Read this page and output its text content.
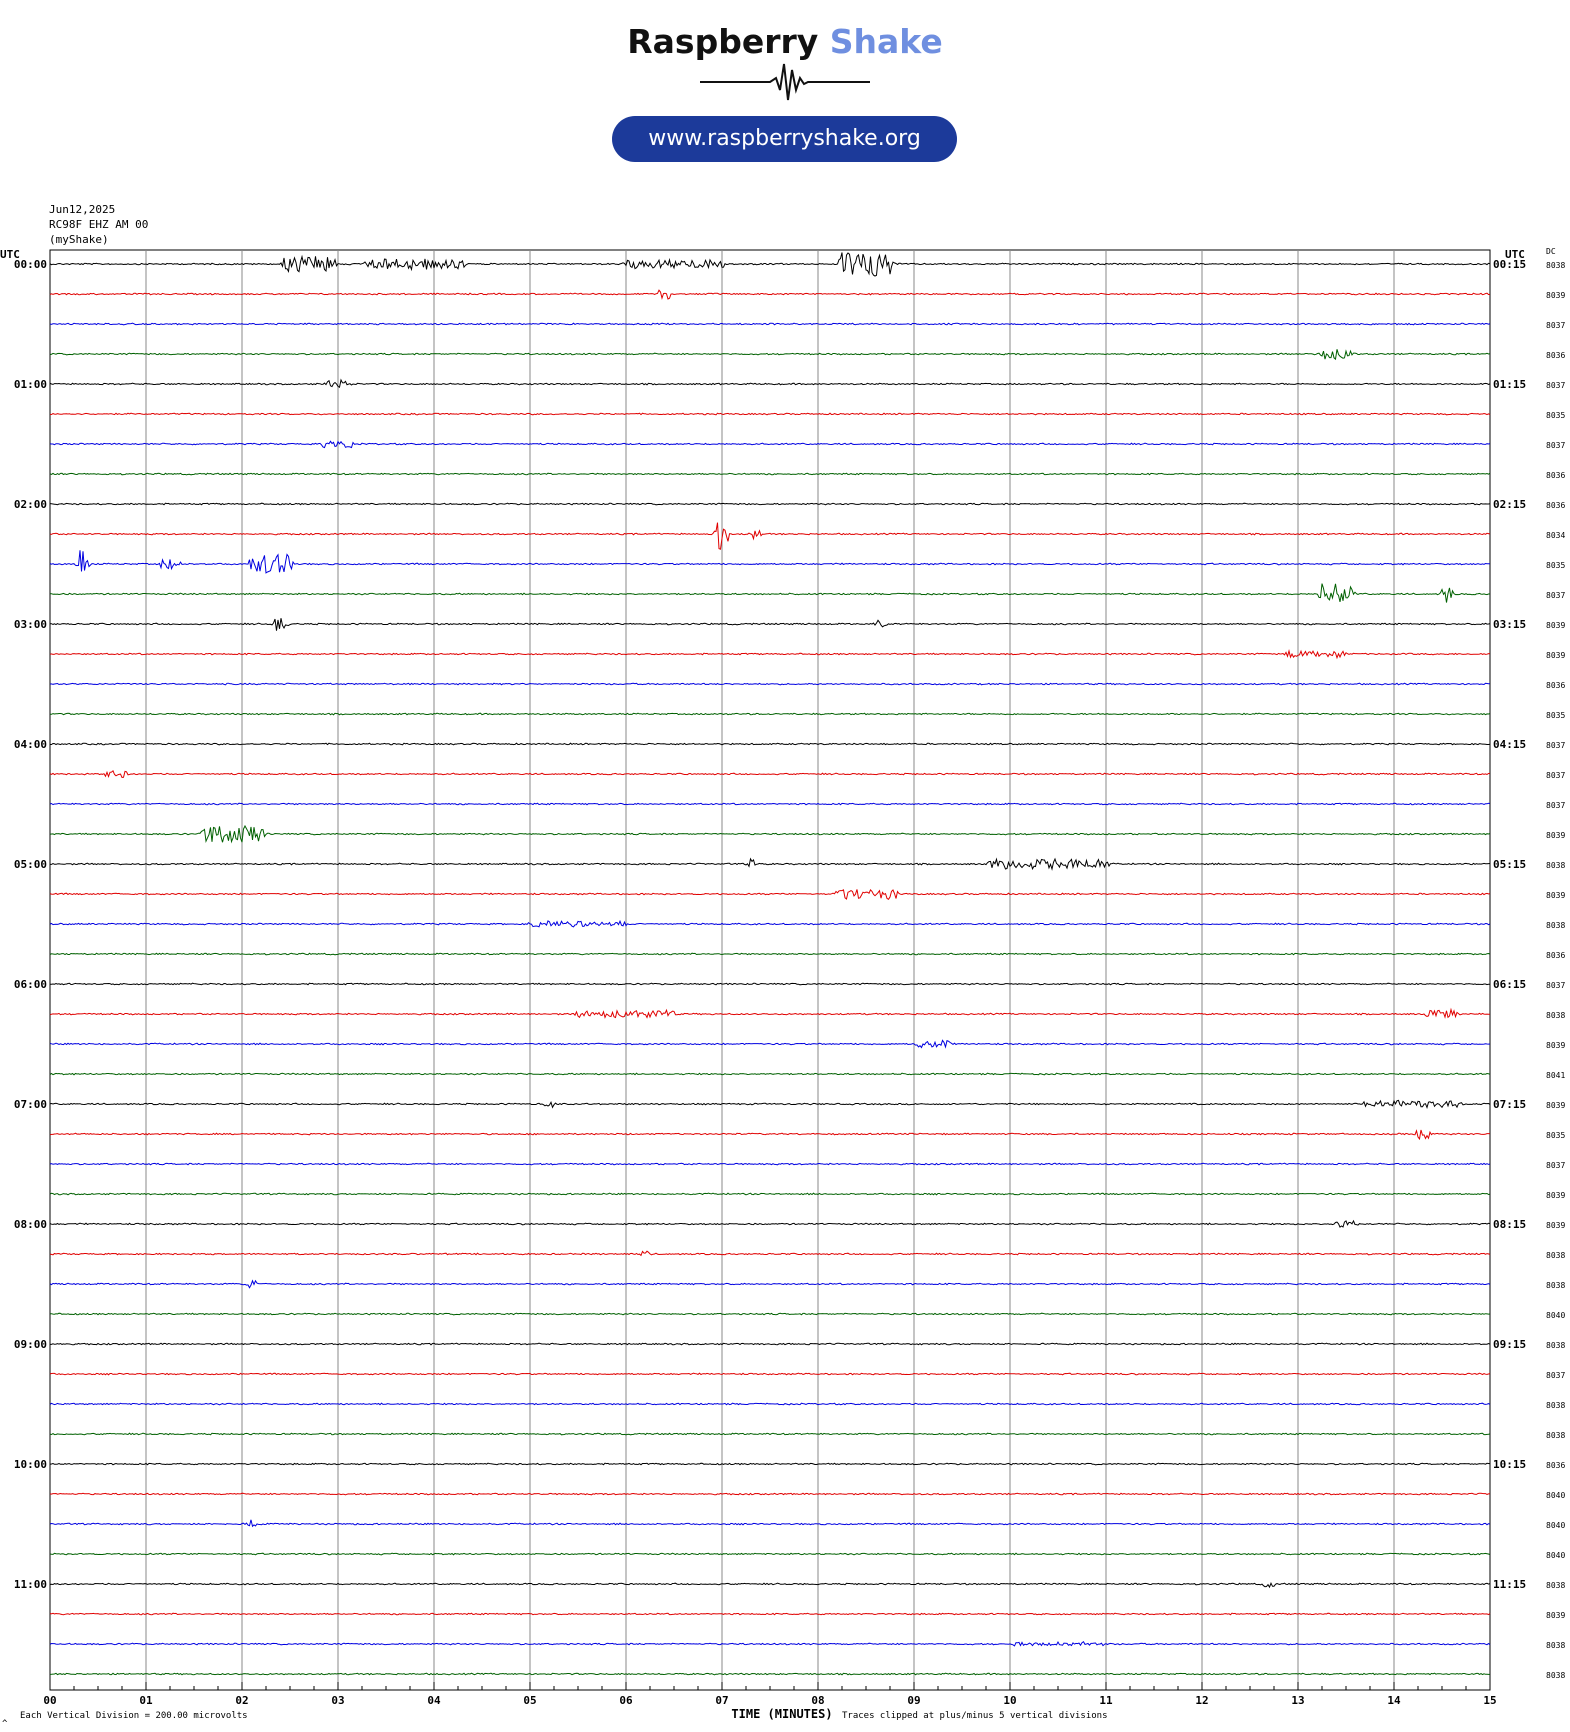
Raspberry Shake
www.raspberryshake.org
Jun12,2025
RC98F EHZ AM 00
(myShake)
00	01	02	03	04	05	06	07	08	09	10	11	12	13	14	15
UTC	UTC	DC
TIME (MINUTES)
Each Vertical Division = 200.00 microvolts	Traces clipped at plus/minus 5 vertical divisions
^
8038
00:00	00:15
8039
8037
8036
8037
01:00	01:15
8035
8037
8036
8036
02:00	02:15
8034
8035
8037
8039
03:00	03:15
8039
8036
8035
8037
04:00	04:15
8037
8037
8039
8038
05:00	05:15
8039
8038
8036
8037
06:00	06:15
8038
8039
8041
8039
07:00	07:15
8035
8037
8039
8039
08:00	08:15
8038
8038
8040
8038
09:00	09:15
8037
8038
8038
8036
10:00	10:15
8040
8040
8040
8038
11:00	11:15
8039
8038
8038
